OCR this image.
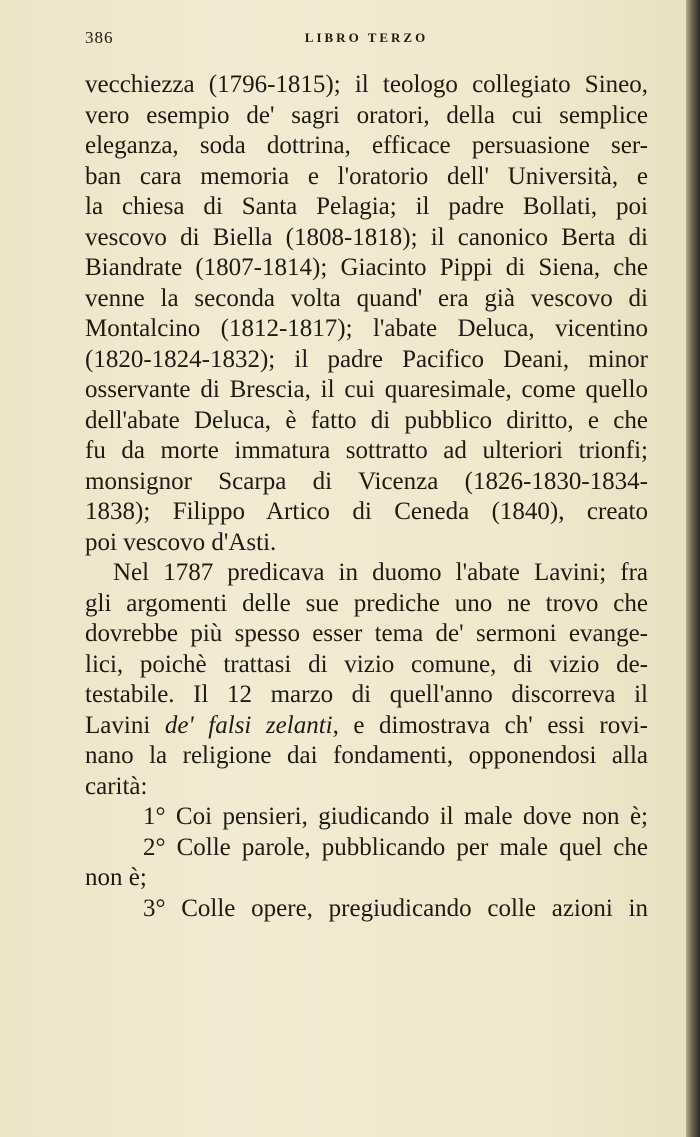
386	LIBRO TERZO
vecchiezza (1796-1815); il teologo collegiato Sineo,
vero esempio de' sagri oratori, della cui semplice
eleganza, soda dottrina, efficace persuasione ser-
ban cara memoria e l'oratorio dell' Università, e
la chiesa di Santa Pelagia; il padre Bollati, poi
vescovo di Biella (1808-1818); il canonico Berta di
Biandrate (1807-1814); Giacinto Pippi di Siena, che
venne la seconda volta quand' era già vescovo di
Montalcino (1812-1817); l'abate Deluca, vicentino
(1820-1824-1832); il padre Pacifico Deani, minor
osservante di Brescia, il cui quaresimale, come quello
dell'abate Deluca, è fatto di pubblico diritto, e che
fu da morte immatura sottratto ad ulteriori trionfi;
monsignor Scarpa di Vicenza (1826-1830-1834-
1838); Filippo Artico di Ceneda (1840), creato
poi vescovo d'Asti.
Nel 1787 predicava in duomo l'abate Lavini; fra
gli argomenti delle sue prediche uno ne trovo che
dovrebbe più spesso esser tema de' sermoni evange-
lici, poichè trattasi di vizio comune, di vizio de-
testabile. Il 12 marzo di quell'anno discorreva il
Lavini de' falsi zelanti, e dimostrava ch' essi rovi-
nano la religione dai fondamenti, opponendosi alla
carità:
1° Coi pensieri, giudicando il male dove non è;
2° Colle parole, pubblicando per male quel che
non è;
3° Colle opere, pregiudicando colle azioni in
